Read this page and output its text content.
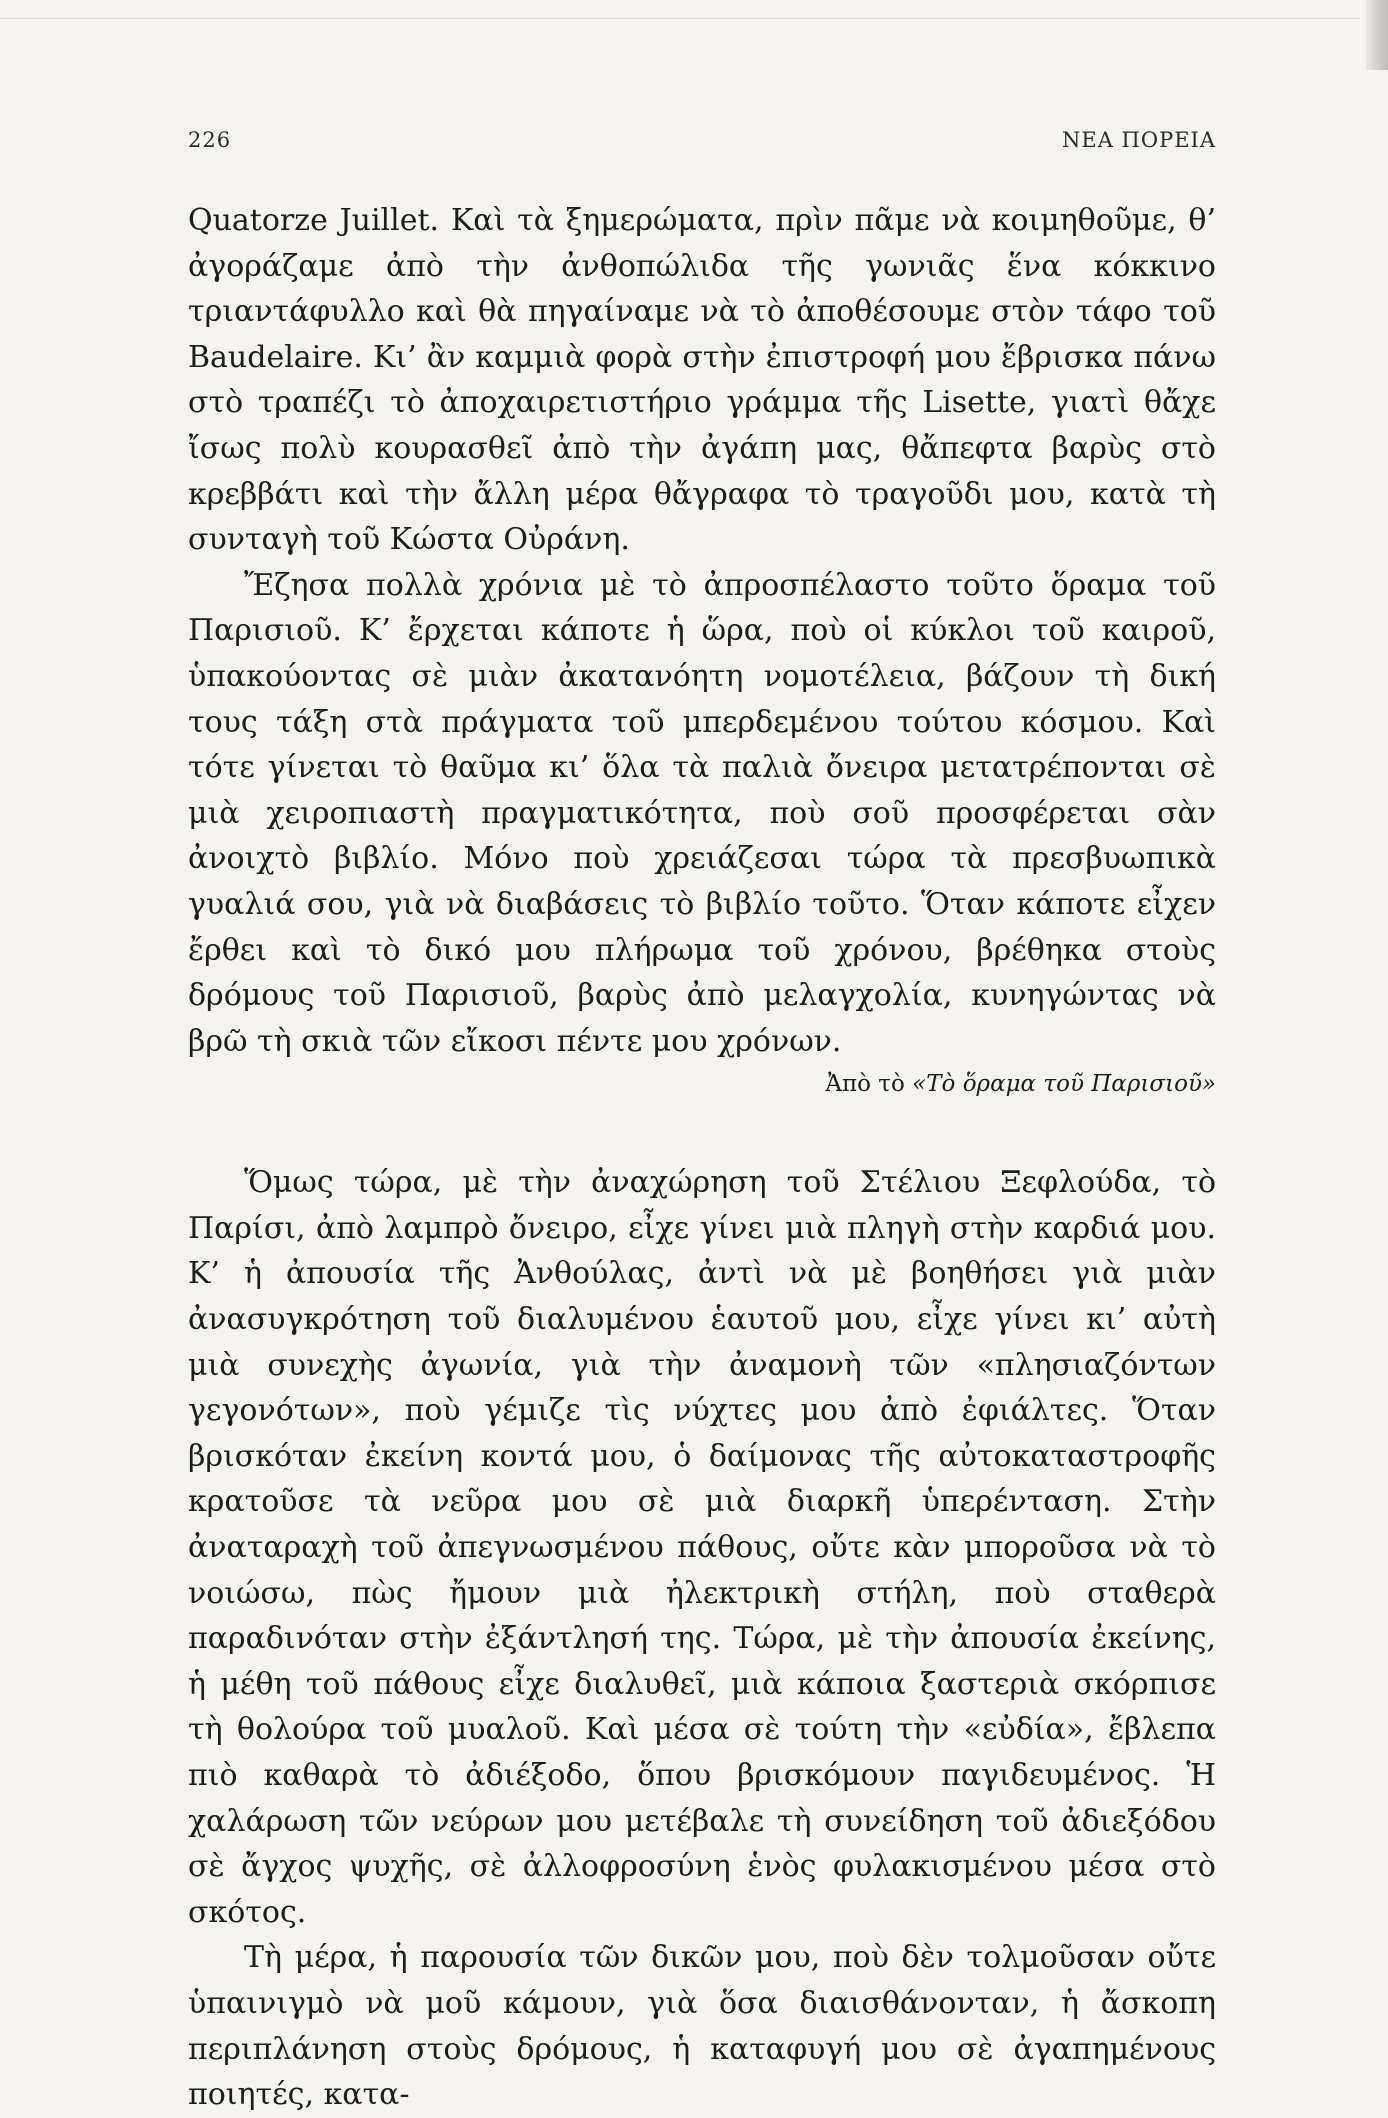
226	ΝΕΑ ΠΟΡΕΙΑ

Quatorze Juillet. Καὶ τὰ ξημερώματα, πρὶν πᾶμε νὰ κοιμηθοῦμε, θ’ ἀγοράζαμε ἀπὸ τὴν ἀνθοπώλιδα τῆς γωνιᾶς ἕνα κόκκινο τριαντάφυλλο καὶ θὰ πηγαίναμε νὰ τὸ ἀποθέσουμε στὸν τάφο τοῦ Baudelaire. Κι’ ἂν καμμιὰ φορὰ στὴν ἐπιστροφή μου ἔβρισκα πάνω στὸ τραπέζι τὸ ἀποχαιρετιστήριο γράμμα τῆς Lisette, γιατὶ θἄχε ἴσως πολὺ κουρασθεῖ ἀπὸ τὴν ἀγάπη μας, θἄπεφτα βαρὺς στὸ κρεββάτι καὶ τὴν ἄλλη μέρα θἄγραφα τὸ τραγοῦδι μου, κατὰ τὴ συνταγὴ τοῦ Κώστα Οὐράνη.

Ἔζησα πολλὰ χρόνια μὲ τὸ ἀπροσπέλαστο τοῦτο ὅραμα τοῦ Παρισιοῦ. Κ’ ἔρχεται κάποτε ἡ ὥρα, ποὺ οἱ κύκλοι τοῦ καιροῦ, ὑπακούοντας σὲ μιὰν ἀκατανόητη νομοτέλεια, βάζουν τὴ δική τους τάξη στὰ πράγματα τοῦ μπερδεμένου τούτου κόσμου. Καὶ τότε γίνεται τὸ θαῦμα κι’ ὅλα τὰ παλιὰ ὄνειρα μετατρέπονται σὲ μιὰ χειροπιαστὴ πραγματικότητα, ποὺ σοῦ προσφέρεται σὰν ἀνοιχτὸ βιβλίο. Μόνο ποὺ χρειάζεσαι τώρα τὰ πρεσβυωπικὰ γυαλιά σου, γιὰ νὰ διαβάσεις τὸ βιβλίο τοῦτο. Ὅταν κάποτε εἶχεν ἔρθει καὶ τὸ δικό μου πλήρωμα τοῦ χρόνου, βρέθηκα στοὺς δρόμους τοῦ Παρισιοῦ, βαρὺς ἀπὸ μελαγχολία, κυνηγώντας νὰ βρῶ τὴ σκιὰ τῶν εἴκοσι πέντε μου χρόνων.

Ἀπὸ τὸ «Τὸ ὅραμα τοῦ Παρισιοῦ»

Ὅμως τώρα, μὲ τὴν ἀναχώρηση τοῦ Στέλιου Ξεφλούδα, τὸ Παρίσι, ἀπὸ λαμπρὸ ὄνειρο, εἶχε γίνει μιὰ πληγὴ στὴν καρδιά μου. Κ’ ἡ ἀπουσία τῆς Ἀνθούλας, ἀντὶ νὰ μὲ βοηθήσει γιὰ μιὰν ἀνασυγκρότηση τοῦ διαλυμένου ἑαυτοῦ μου, εἶχε γίνει κι’ αὐτὴ μιὰ συνεχὴς ἀγωνία, γιὰ τὴν ἀναμονὴ τῶν «πλησιαζόντων γεγονότων», ποὺ γέμιζε τὶς νύχτες μου ἀπὸ ἐφιάλτες. Ὅταν βρισκόταν ἐκείνη κοντά μου, ὁ δαίμονας τῆς αὐτοκαταστροφῆς κρατοῦσε τὰ νεῦρα μου σὲ μιὰ διαρκῆ ὑπερένταση. Στὴν ἀναταραχὴ τοῦ ἀπεγνωσμένου πάθους, οὔτε κὰν μποροῦσα νὰ τὸ νοιώσω, πὼς ἤμουν μιὰ ἠλεκτρικὴ στήλη, ποὺ σταθερὰ παραδινόταν στὴν ἐξάντλησή της. Τώρα, μὲ τὴν ἀπουσία ἐκείνης, ἡ μέθη τοῦ πάθους εἶχε διαλυθεῖ, μιὰ κάποια ξαστεριὰ σκόρπισε τὴ θολούρα τοῦ μυαλοῦ. Καὶ μέσα σὲ τούτη τὴν «εὐδία», ἔβλεπα πιὸ καθαρὰ τὸ ἀδιέξοδο, ὅπου βρισκόμουν παγιδευμένος. Ἡ χαλάρωση τῶν νεύρων μου μετέβαλε τὴ συνείδηση τοῦ ἀδιεξόδου σὲ ἄγχος ψυχῆς, σὲ ἀλλοφροσύνη ἑνὸς φυλακισμένου μέσα στὸ σκότος.

Τὴ μέρα, ἡ παρουσία τῶν δικῶν μου, ποὺ δὲν τολμοῦσαν οὔτε ὑπαινιγμὸ νὰ μοῦ κάμουν, γιὰ ὅσα διαισθάνονταν, ἡ ἄσκοπη περιπλάνηση στοὺς δρόμους, ἡ καταφυγή μου σὲ ἀγαπημένους ποιητές, κατα-
